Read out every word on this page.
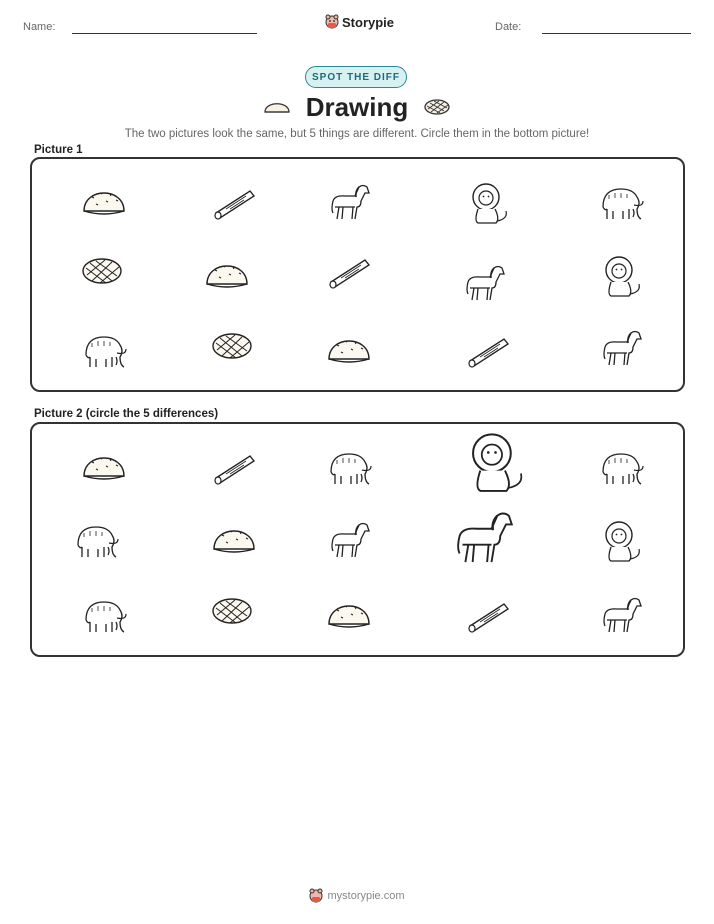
Name:	Storypie	Date:
SPOT THE DIFF
Drawing
The two pictures look the same, but 5 things are different. Circle them in the bottom picture!
Picture 1
Picture 2 (circle the 5 differences)
mystorypie.com
